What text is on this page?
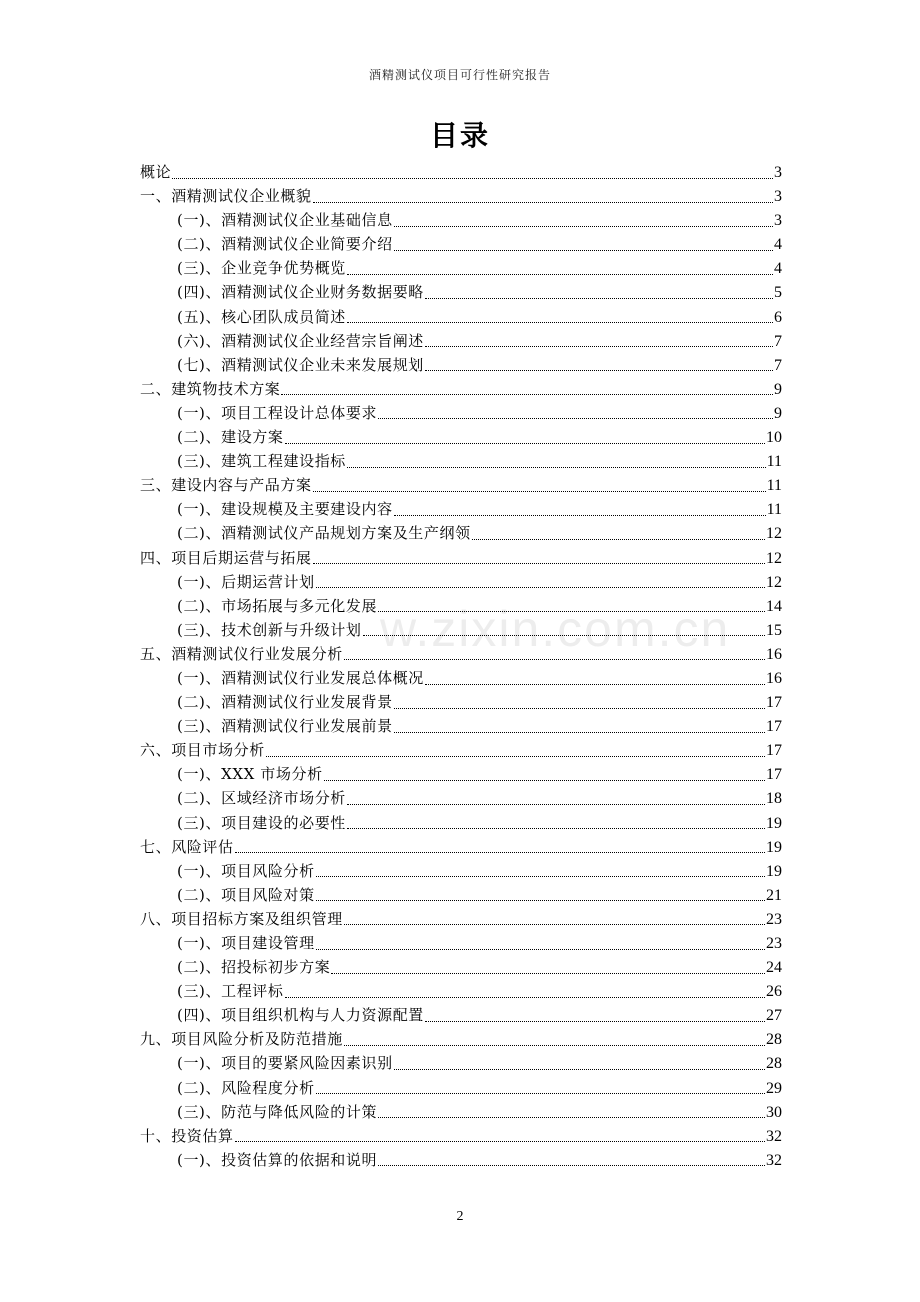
酒精测试仪项目可行性研究报告
目录
概论	3
一、酒精测试仪企业概貌	3
(一)、酒精测试仪企业基础信息	3
(二)、酒精测试仪企业简要介绍	4
(三)、企业竞争优势概览	4
(四)、酒精测试仪企业财务数据要略	5
(五)、核心团队成员简述	6
(六)、酒精测试仪企业经营宗旨阐述	7
(七)、酒精测试仪企业未来发展规划	7
二、建筑物技术方案	9
(一)、项目工程设计总体要求	9
(二)、建设方案	10
(三)、建筑工程建设指标	11
三、建设内容与产品方案	11
(一)、建设规模及主要建设内容	11
(二)、酒精测试仪产品规划方案及生产纲领	12
四、项目后期运营与拓展	12
(一)、后期运营计划	12
(二)、市场拓展与多元化发展	14
(三)、技术创新与升级计划	15
五、酒精测试仪行业发展分析	16
(一)、酒精测试仪行业发展总体概况	16
(二)、酒精测试仪行业发展背景	17
(三)、酒精测试仪行业发展前景	17
六、项目市场分析	17
(一)、XXX 市场分析	17
(二)、区域经济市场分析	18
(三)、项目建设的必要性	19
七、风险评估	19
(一)、项目风险分析	19
(二)、项目风险对策	21
八、项目招标方案及组织管理	23
(一)、项目建设管理	23
(二)、招投标初步方案	24
(三)、工程评标	26
(四)、项目组织机构与人力资源配置	27
九、项目风险分析及防范措施	28
(一)、项目的要紧风险因素识别	28
(二)、风险程度分析	29
(三)、防范与降低风险的计策	30
十、投资估算	32
(一)、投资估算的依据和说明	32
w.zixin.com.cn
2
